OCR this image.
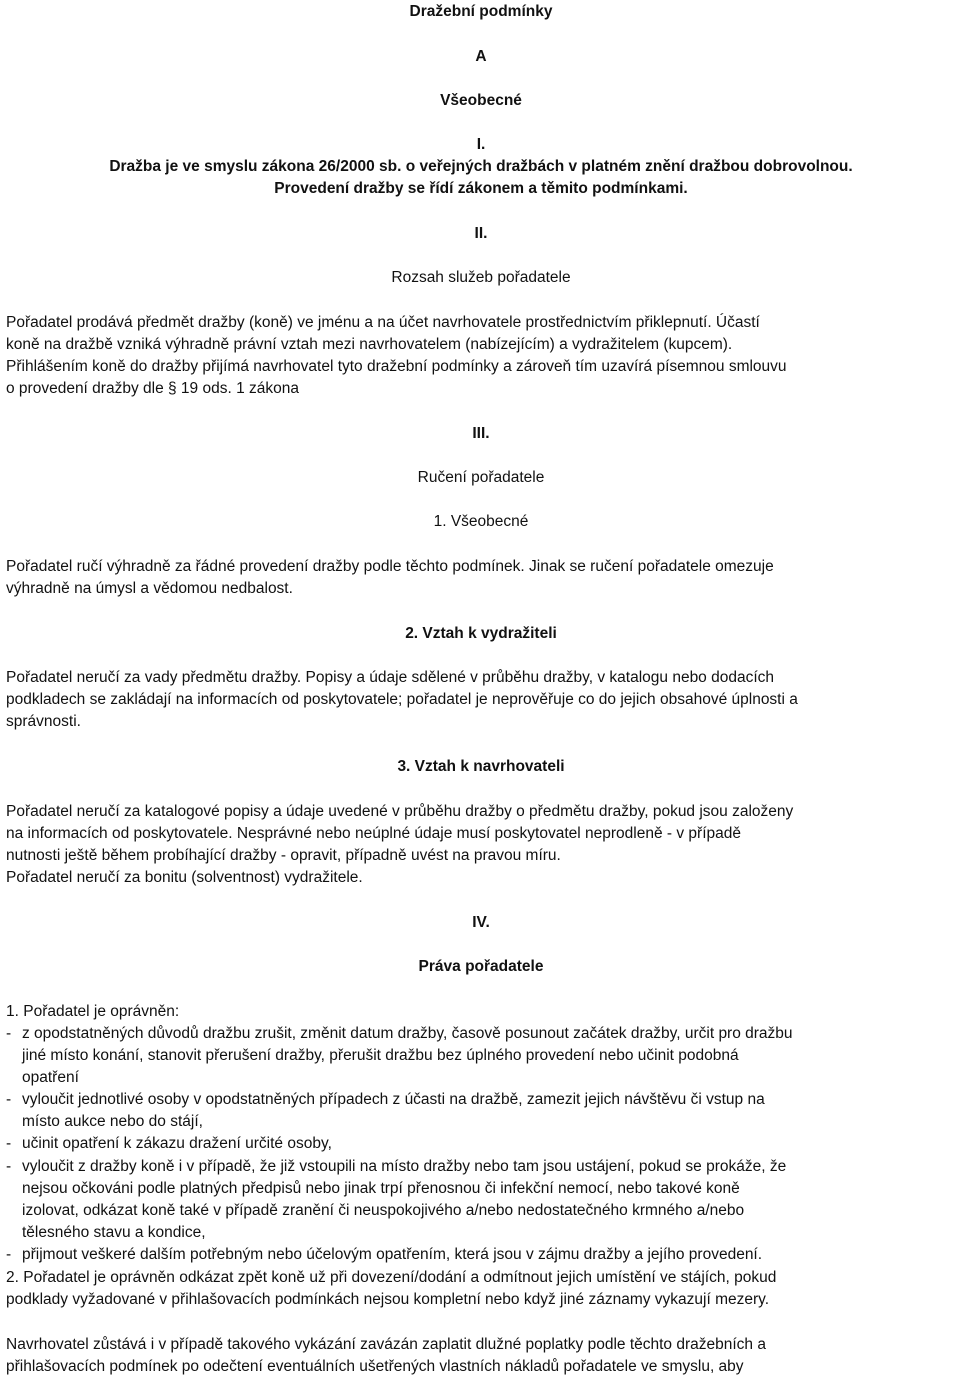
Dražební podmínky
A
Všeobecné
I.
Dražba je ve smyslu zákona 26/2000 sb. o veřejných dražbách v platném znění dražbou dobrovolnou.
Provedení dražby se řídí zákonem a těmito podmínkami.
II.
Rozsah služeb pořadatele
Pořadatel prodává předmět dražby (koně) ve jménu a na účet navrhovatele prostřednictvím přiklepnutí. Účastí
koně na dražbě vzniká výhradně právní vztah mezi navrhovatelem (nabízejícím) a vydražitelem (kupcem).
Přihlášením koně do dražby přijímá navrhovatel tyto dražební podmínky a zároveň tím uzavírá písemnou smlouvu
o provedení dražby dle § 19 ods. 1 zákona
III.
Ručení pořadatele
1. Všeobecné
Pořadatel ručí výhradně za řádné provedení dražby podle těchto podmínek. Jinak se ručení pořadatele omezuje
výhradně na úmysl a vědomou nedbalost.
2. Vztah k vydražiteli
Pořadatel neručí za vady předmětu dražby. Popisy a údaje sdělené v průběhu dražby, v katalogu nebo dodacích
podkladech se zakládají na informacích od poskytovatele; pořadatel je neprověřuje co do jejich obsahové úplnosti a
správnosti.
3. Vztah k navrhovateli
Pořadatel neručí za katalogové popisy a údaje uvedené v průběhu dražby o předmětu dražby, pokud jsou založeny
na informacích od poskytovatele. Nesprávné nebo neúplné údaje musí poskytovatel neprodleně - v případě
nutnosti ještě během probíhající dražby - opravit, případně uvést na pravou míru.
Pořadatel neručí za bonitu (solventnost) vydražitele.
IV.
Práva pořadatele
1. Pořadatel je oprávněn:
- z opodstatněných důvodů dražbu zrušit, změnit datum dražby, časově posunout začátek dražby, určit pro dražbu
jiné místo konání, stanovit přerušení dražby, přerušit dražbu bez úplného provedení nebo učinit podobná
opatření
- vyloučit jednotlivé osoby v opodstatněných případech z účasti na dražbě, zamezit jejich návštěvu či vstup na
místo aukce nebo do stájí,
- učinit opatření k zákazu dražení určité osoby,
- vyloučit z dražby koně i v případě, že již vstoupili na místo dražby nebo tam jsou ustájení, pokud se prokáže, že
nejsou očkováni podle platných předpisů nebo jinak trpí přenosnou či infekční nemocí, nebo takové koně
izolovat, odkázat koně také v případě zranění či neuspokojivého a/nebo nedostatečného krmného a/nebo
tělesného stavu a kondice,
- přijmout veškeré dalším potřebným nebo účelovým opatřením, která jsou v zájmu dražby a jejího provedení.
2. Pořadatel je oprávněn odkázat zpět koně už při dovezení/dodání a odmítnout jejich umístění ve stájích, pokud
podklady vyžadované v přihlašovacích podmínkách nejsou kompletní nebo když jiné záznamy vykazují mezery.
Navrhovatel zůstává i v případě takového vykázání zavázán zaplatit dlužné poplatky podle těchto dražebních a
přihlašovacích podmínek po odečtení eventuálních ušetřených vlastních nákladů pořadatele ve smyslu, aby
